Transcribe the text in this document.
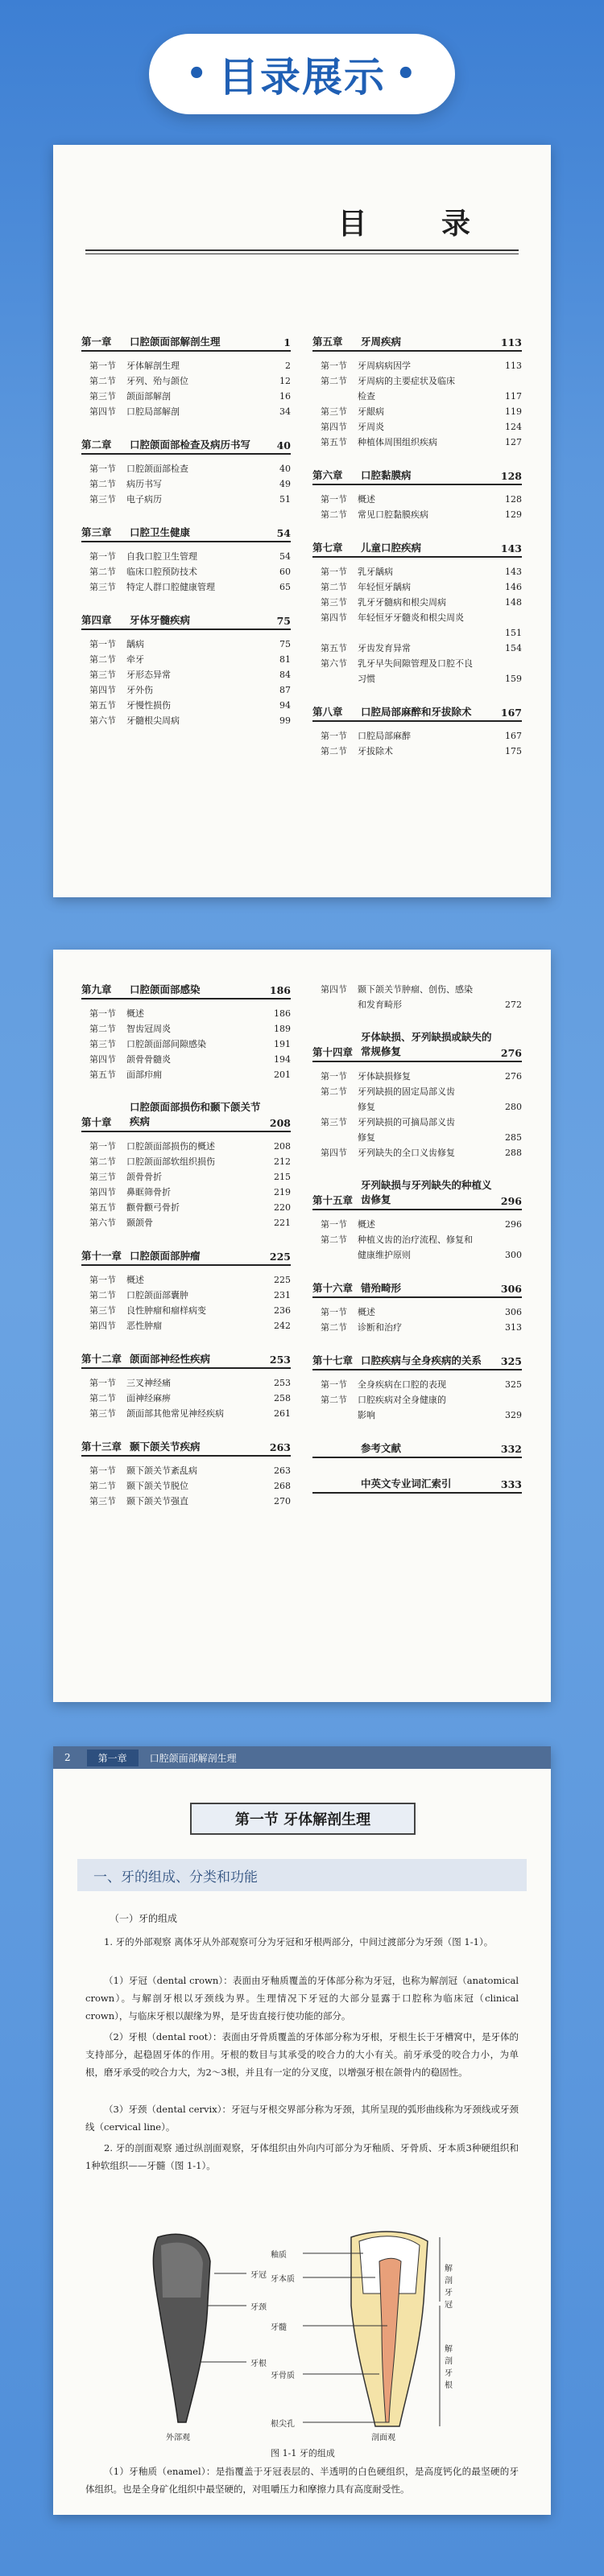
• 目录展示 •
目 录
第一章	口腔颌面部解剖生理	1
第一节	牙体解剖生理	2
第二节	牙列、殆与颌位	12
第三节	颌面部解剖	16
第四节	口腔局部解剖	34
第二章	口腔颌面部检查及病历书写	40
第一节	口腔颌面部检查	40
第二节	病历书写	49
第三节	电子病历	51
第三章	口腔卫生健康	54
第一节	自我口腔卫生管理	54
第二节	临床口腔预防技术	60
第三节	特定人群口腔健康管理	65
第四章	牙体牙髓疾病	75
第一节	龋病	75
第二节	牵牙	81
第三节	牙形态异常	84
第四节	牙外伤	87
第五节	牙慢性损伤	94
第六节	牙髓根尖周病	99
第五章	牙周疾病	113
第一节	牙周病病因学	113
第二节	牙周病的主要症状及临床
检查	117
第三节	牙龈病	119
第四节	牙周炎	124
第五节	种植体周围组织疾病	127
第六章	口腔黏膜病	128
第一节	概述	128
第二节	常见口腔黏膜疾病	129
第七章	儿童口腔疾病	143
第一节	乳牙龋病	143
第二节	年轻恒牙龋病	146
第三节	乳牙牙髓病和根尖周病	148
第四节	年轻恒牙牙髓炎和根尖周炎
151
第五节	牙齿发育异常	154
第六节	乳牙早失间隙管理及口腔不良
习惯	159
第八章	口腔局部麻醉和牙拔除术	167
第一节	口腔局部麻醉	167
第二节	牙拔除术	175
第九章	口腔颌面部感染	186
第一节	概述	186
第二节	智齿冠周炎	189
第三节	口腔颌面部间隙感染	191
第四节	颌骨骨髓炎	194
第五节	面部疖痈	201
第十章
口腔颌面部损伤和颞下颌关节疾病	208
第一节	口腔颌面部损伤的概述	208
第二节	口腔颌面部软组织损伤	212
第三节	颌骨骨折	215
第四节	鼻眶筛骨折	219
第五节	颧骨颧弓骨折	220
第六节	颞颌骨	221
第十一章 口腔颌面部肿瘤	225
第一节	概述	225
第二节	口腔颌面部囊肿	231
第三节	良性肿瘤和瘤样病变	236
第四节	恶性肿瘤	242
第十二章 颌面部神经性疾病	253
第一节	三叉神经痛	253
第二节	面神经麻痹	258
第三节	颌面部其他常见神经疾病	261
第十三章 颞下颌关节疾病	263
第一节	颞下颌关节紊乱病	263
第二节	颞下颌关节脱位	268
第三节	颞下颌关节强直	270
第四节	颞下颌关节肿瘤、创伤、感染
和发育畸形	272
第十四章
牙体缺损、牙列缺损或缺失的常规修复	276
第一节	牙体缺损修复	276
第二节	牙列缺损的固定局部义齿
修复	280
第三节	牙列缺损的可摘局部义齿
修复	285
第四节	牙列缺失的全口义齿修复	288
第十五章
牙列缺损与牙列缺失的种植义齿修复	296
第一节	概述	296
第二节	种植义齿的治疗流程、修复和
健康维护原则	300
第十六章 错殆畸形	306
第一节	概述	306
第二节	诊断和治疗	313
第十七章 口腔疾病与全身疾病的关系	325
第一节	全身疾病在口腔的表现	325
第二节	口腔疾病对全身健康的
影响	329
参考文献	332
中英文专业词汇索引	333
2	第一章	口腔颌面部解剖生理
第一节 牙体解剖生理
一、牙的组成、分类和功能
（一）牙的组成

1. 牙的外部观察 离体牙从外部观察可分为牙冠和牙根两部分，中间过渡部分为牙颈（图 1-1）。

（1）牙冠（dental crown）：表面由牙釉质覆盖的牙体部分称为牙冠，也称为解剖冠（anatomical crown）。与解剖牙根以牙颈线为界。生理情况下牙冠的大部分显露于口腔称为临床冠（clinical crown），与临床牙根以龈缘为界，是牙齿直接行使功能的部分。

（2）牙根（dental root）：表面由牙骨质覆盖的牙体部分称为牙根，牙根生长于牙槽窝中，是牙体的支持部分，起稳固牙体的作用。牙根的数目与其承受的咬合力的大小有关。前牙承受的咬合力小，为单根，磨牙承受的咬合力大，为2～3根，并且有一定的分叉度，以增强牙根在颌骨内的稳固性。

（3）牙颈（dental cervix）：牙冠与牙根交界部分称为牙颈，其所呈现的弧形曲线称为牙颈线或牙颈线（cervical line）。

2. 牙的剖面观察 通过纵剖面观察，牙体组织由外向内可部分为牙釉质、牙骨质、牙本质3种硬组织和1种软组织——牙髓（图 1-1）。

牙冠
牙颈
牙根
釉质
牙本质
牙髓
牙骨质
根尖孔
解剖牙冠
解剖牙根
外部观	剖面观
图 1-1 牙的组成

（1）牙釉质（enamel）：是指覆盖于牙冠表层的、半透明的白色硬组织，是高度钙化的最坚硬的牙体组织。也是全身矿化组织中最坚硬的，对咀嚼压力和摩擦力具有高度耐受性。
